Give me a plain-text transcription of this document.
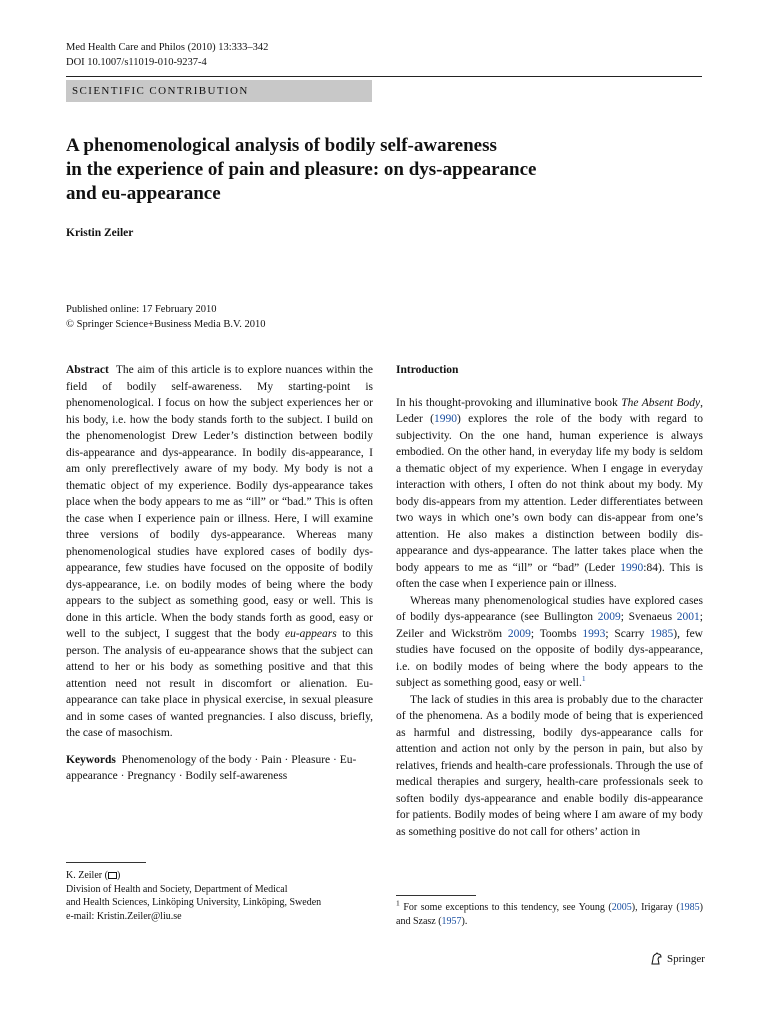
Med Health Care and Philos (2010) 13:333–342
DOI 10.1007/s11019-010-9237-4
SCIENTIFIC CONTRIBUTION
A phenomenological analysis of bodily self-awareness
in the experience of pain and pleasure: on dys-appearance
and eu-appearance
Kristin Zeiler
Published online: 17 February 2010
© Springer Science+Business Media B.V. 2010

Abstract The aim of this article is to explore nuances within the field of bodily self-awareness. My starting-point is phenomenological. I focus on how the subject experiences her or his body, i.e. how the body stands forth to the subject. I build on the phenomenologist Drew Leder’s distinction between bodily dis-appearance and dys-appearance. In bodily dis-appearance, I am only prereflectively aware of my body. My body is not a thematic object of my experience. Bodily dys-appearance takes place when the body appears to me as “ill” or “bad.” This is often the case when I experience pain or illness. Here, I will examine three versions of bodily dys-appearance. Whereas many phenomenological studies have explored cases of bodily dys-appearance, few studies have focused on the opposite of bodily dys-appearance, i.e. on bodily modes of being where the body appears to the subject as something good, easy or well. This is done in this article. When the body stands forth as good, easy or well to the subject, I suggest that the body eu-appears to this person. The analysis of eu-appearance shows that the subject can attend to her or his body as something positive and that this attention need not result in discomfort or alienation. Eu-appearance can take place in physical exercise, in sexual pleasure and in some cases of wanted pregnancies. I also discuss, briefly, the case of masochism.

Keywords Phenomenology of the body · Pain · Pleasure · Eu-appearance · Pregnancy · Bodily self-awareness

K. Zeiler ( )
Division of Health and Society, Department of Medical
and Health Sciences, Linköping University, Linköping, Sweden
e-mail: Kristin.Zeiler@liu.se

Introduction

In his thought-provoking and illuminative book The Absent Body, Leder (1990) explores the role of the body with regard to subjectivity. On the one hand, human experience is always embodied. On the other hand, in everyday life my body is seldom a thematic object of my experience. When I engage in everyday interaction with others, I often do not think about my body. My body dis-appears from my attention. Leder differentiates between two ways in which one’s own body can dis-appear from one’s attention. He also makes a distinction between bodily dis-appearance and dys-appearance. The latter takes place when the body appears to me as “ill” or “bad” (Leder 1990:84). This is often the case when I experience pain or illness.

Whereas many phenomenological studies have explored cases of bodily dys-appearance (see Bullington 2009; Svenaeus 2001; Zeiler and Wickström 2009; Toombs 1993; Scarry 1985), few studies have focused on the opposite of bodily dys-appearance, i.e. on bodily modes of being where the body appears to the subject as something good, easy or well.$^1$

The lack of studies in this area is probably due to the character of the phenomena. As a bodily mode of being that is experienced as harmful and distressing, bodily dys-appearance calls for attention and action not only by the person in pain, but also by relatives, friends and health-care professionals. Through the use of medical therapies and surgery, health-care professionals seek to soften bodily dys-appearance and enable bodily dis-appearance for patients. Bodily modes of being where I am aware of my body as something positive do not call for others’ action in

$^1$ For some exceptions to this tendency, see Young (2005), Irigaray (1985) and Szasz (1957).
Springer
